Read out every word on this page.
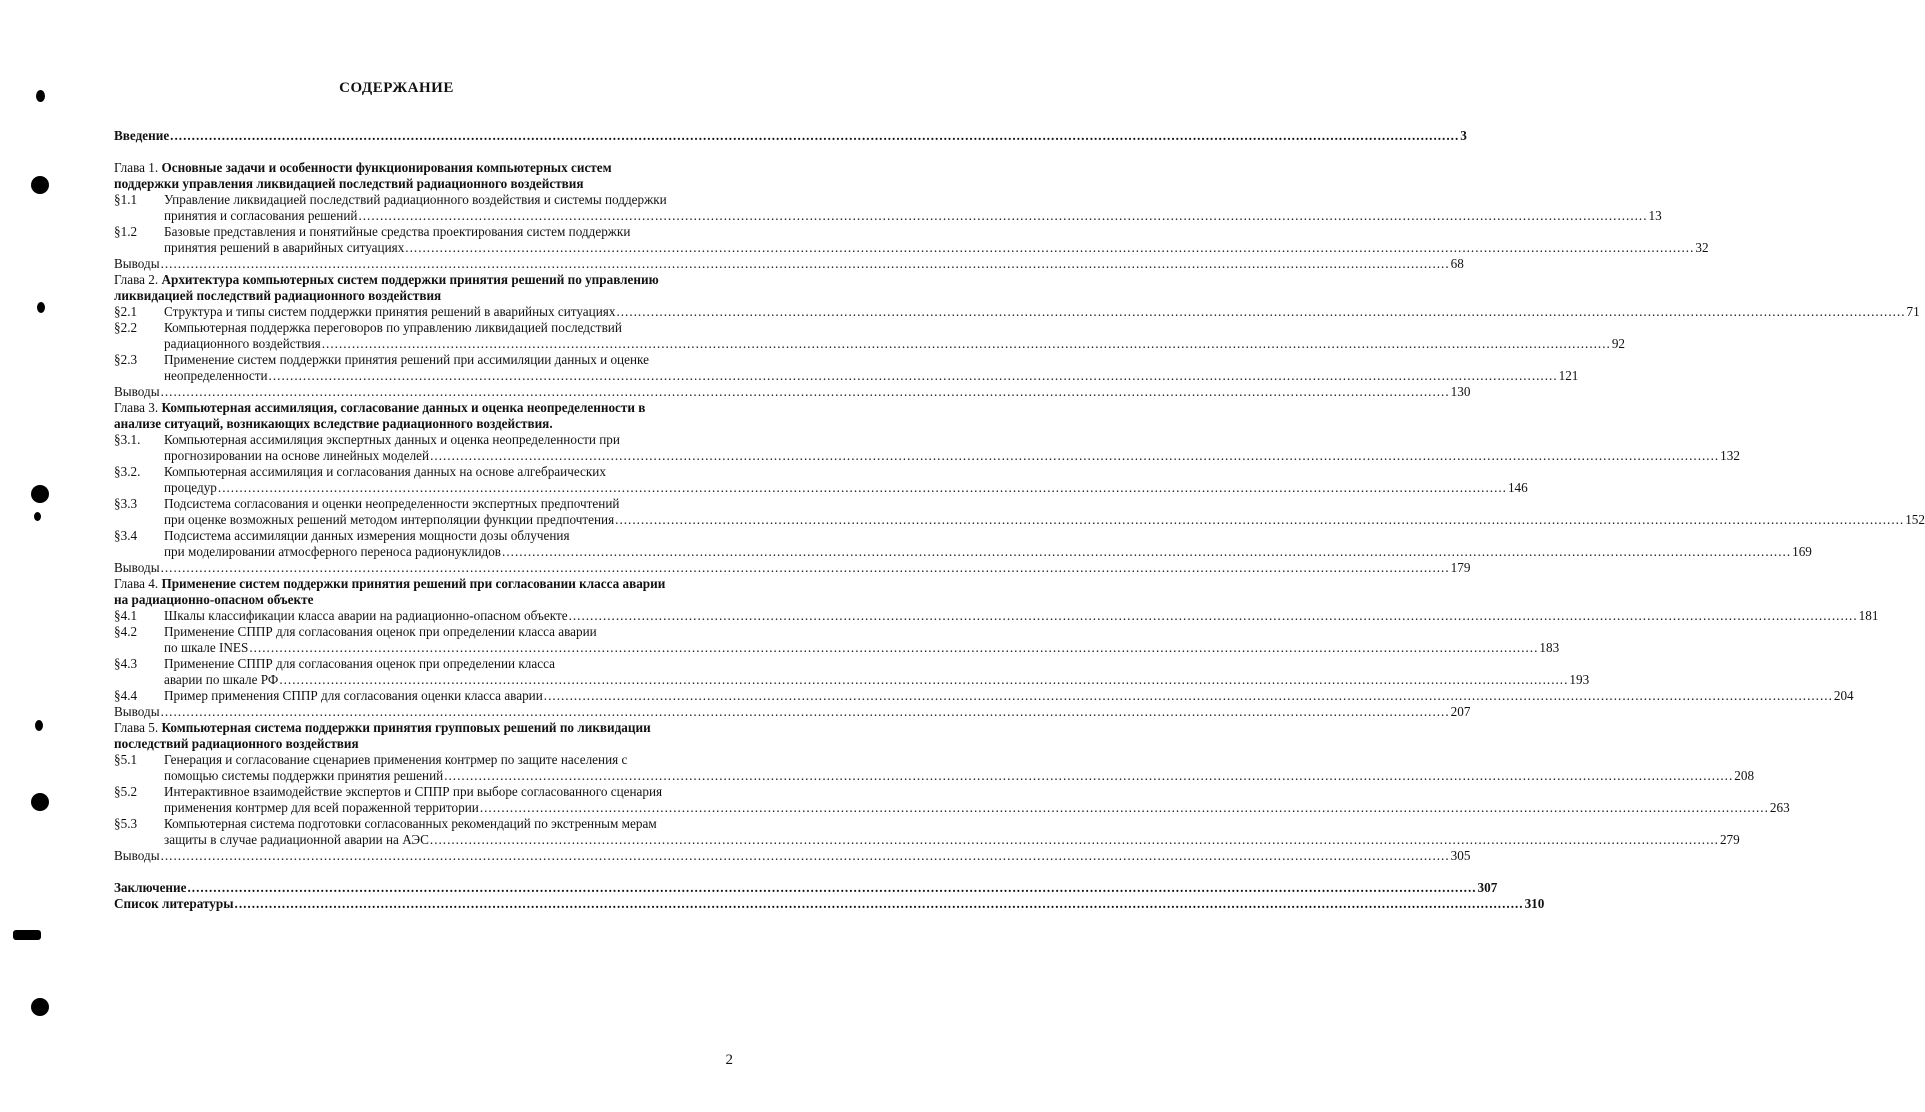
СОДЕРЖАНИЕ
Введение .....	3
Глава 1. Основные задачи и особенности функционирования компьютерных систем
поддержки управления ликвидацией последствий радиационного воздействия
§1.1	Управление ликвидацией последствий радиационного воздействия и системы поддержки
принятия и согласования решений .....	13
§1.2	Базовые представления и понятийные средства проектирования систем поддержки
принятия решений в аварийных ситуациях .....	32
Выводы .....	68
Глава 2. Архитектура компьютерных систем поддержки принятия решений по управлению
ликвидацией последствий радиационного воздействия
§2.1	Структура и типы систем поддержки принятия решений в аварийных ситуациях .....	71
§2.2	Компьютерная поддержка переговоров по управлению ликвидацией последствий
радиационного воздействия .....	92
§2.3	Применение систем поддержки принятия решений при ассимиляции данных и оценке
неопределенности .....	121
Выводы .....	130
Глава 3. Компьютерная ассимиляция, согласование данных и оценка неопределенности в
анализе ситуаций, возникающих вследствие радиационного воздействия.
§3.1.	Компьютерная ассимиляция экспертных данных и оценка неопределенности при
прогнозировании на основе линейных моделей .....	132
§3.2.	Компьютерная ассимиляция и согласования данных на основе алгебраических
процедур .....	146
§3.3	Подсистема согласования и оценки неопределенности экспертных предпочтений
при оценке возможных решений методом интерполяции функции предпочтения .....	152
§3.4	Подсистема ассимиляции данных измерения мощности дозы облучения
при моделировании атмосферного переноса радионуклидов .....	169
Выводы .....	179
Глава 4. Применение систем поддержки принятия решений при согласовании класса аварии
на радиационно-опасном объекте
§4.1	Шкалы классификации класса аварии на радиационно-опасном объекте .....	181
§4.2	Применение СППР для согласования оценок при определении класса аварии
по шкале INES .....	183
§4.3	Применение СППР для согласования оценок при определении класса
аварии по шкале РФ .....	193
§4.4	Пример применения СППР для согласования оценки класса аварии .....	204
Выводы .....	207
Глава 5. Компьютерная система поддержки принятия групповых решений по ликвидации
последствий радиационного воздействия
§5.1	Генерация и согласование сценариев применения контрмер по защите населения с
помощью системы поддержки принятия решений .....	208
§5.2	Интерактивное взаимодействие экспертов и СППР при выборе согласованного сценария
применения контрмер для всей пораженной территории .....	263
§5.3	Компьютерная система подготовки согласованных рекомендаций по экстренным мерам
защиты в случае радиационной аварии на АЭС .....	279
Выводы .....	305
Заключение .....	307
Список литературы .....	310
2
